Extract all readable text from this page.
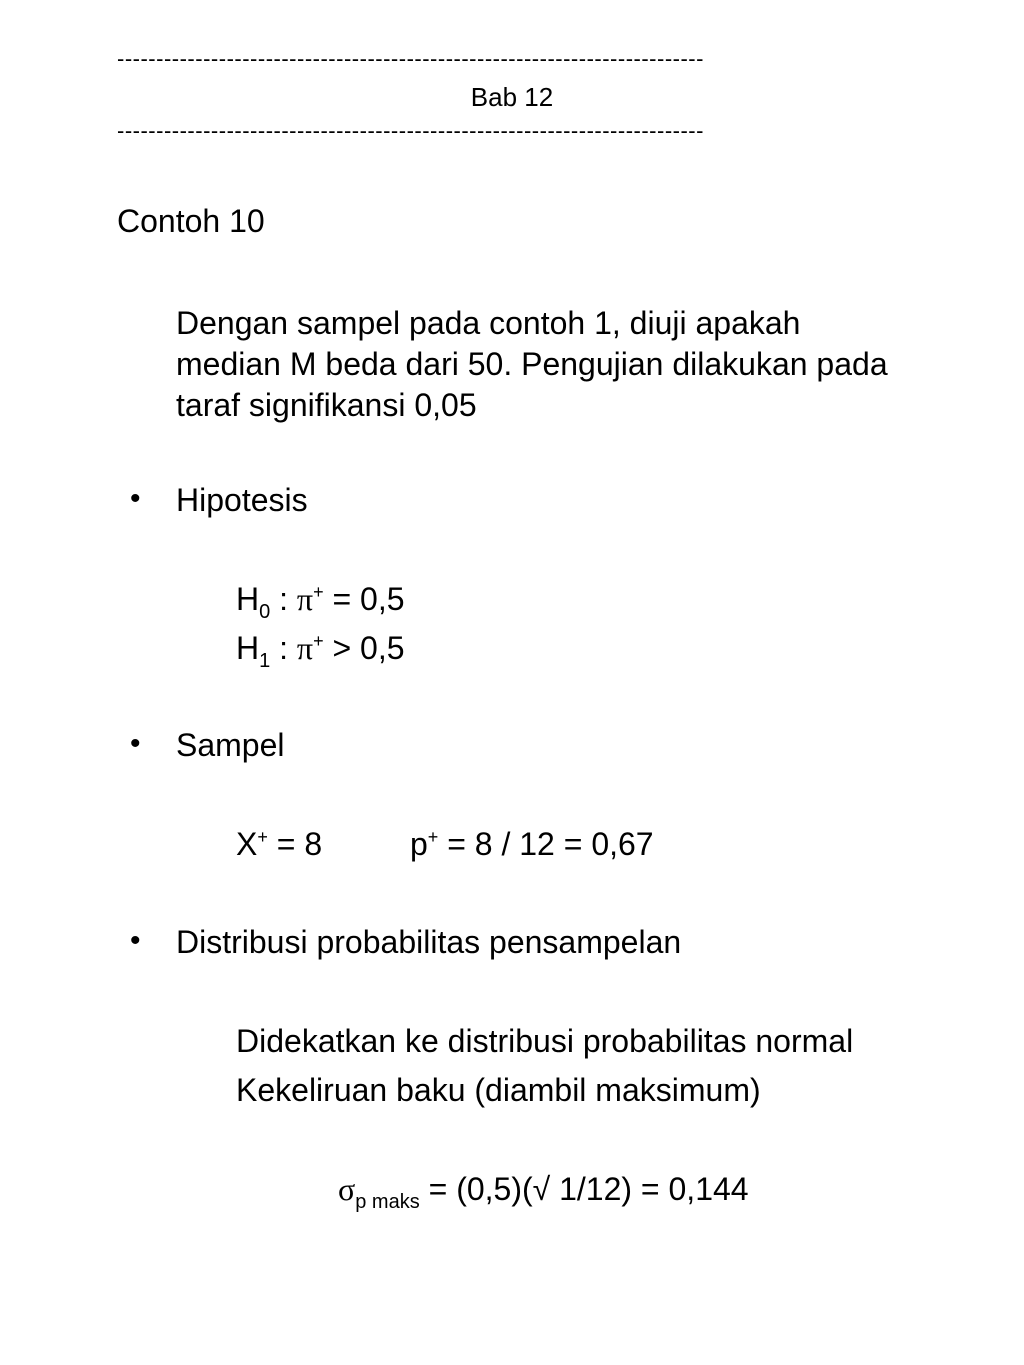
---------------------------------------------------------------------------
Bab 12
---------------------------------------------------------------------------
Contoh 10
Dengan sampel pada contoh 1, diuji apakah
median M beda dari 50. Pengujian dilakukan pada
taraf signifikansi 0,05
• Hipotesis
$H_0$ : π+ = 0,5
$H_1$ : π+ > 0,5
• Sampel
X+ = 8	p+ = 8 / 12 = 0,67
• Distribusi probabilitas pensampelan
Didekatkan ke distribusi probabilitas normal
Kekeliruan baku (diambil maksimum)
$\sigma_{p maks} = (0,5)(√$ 1/12) = 0,144
